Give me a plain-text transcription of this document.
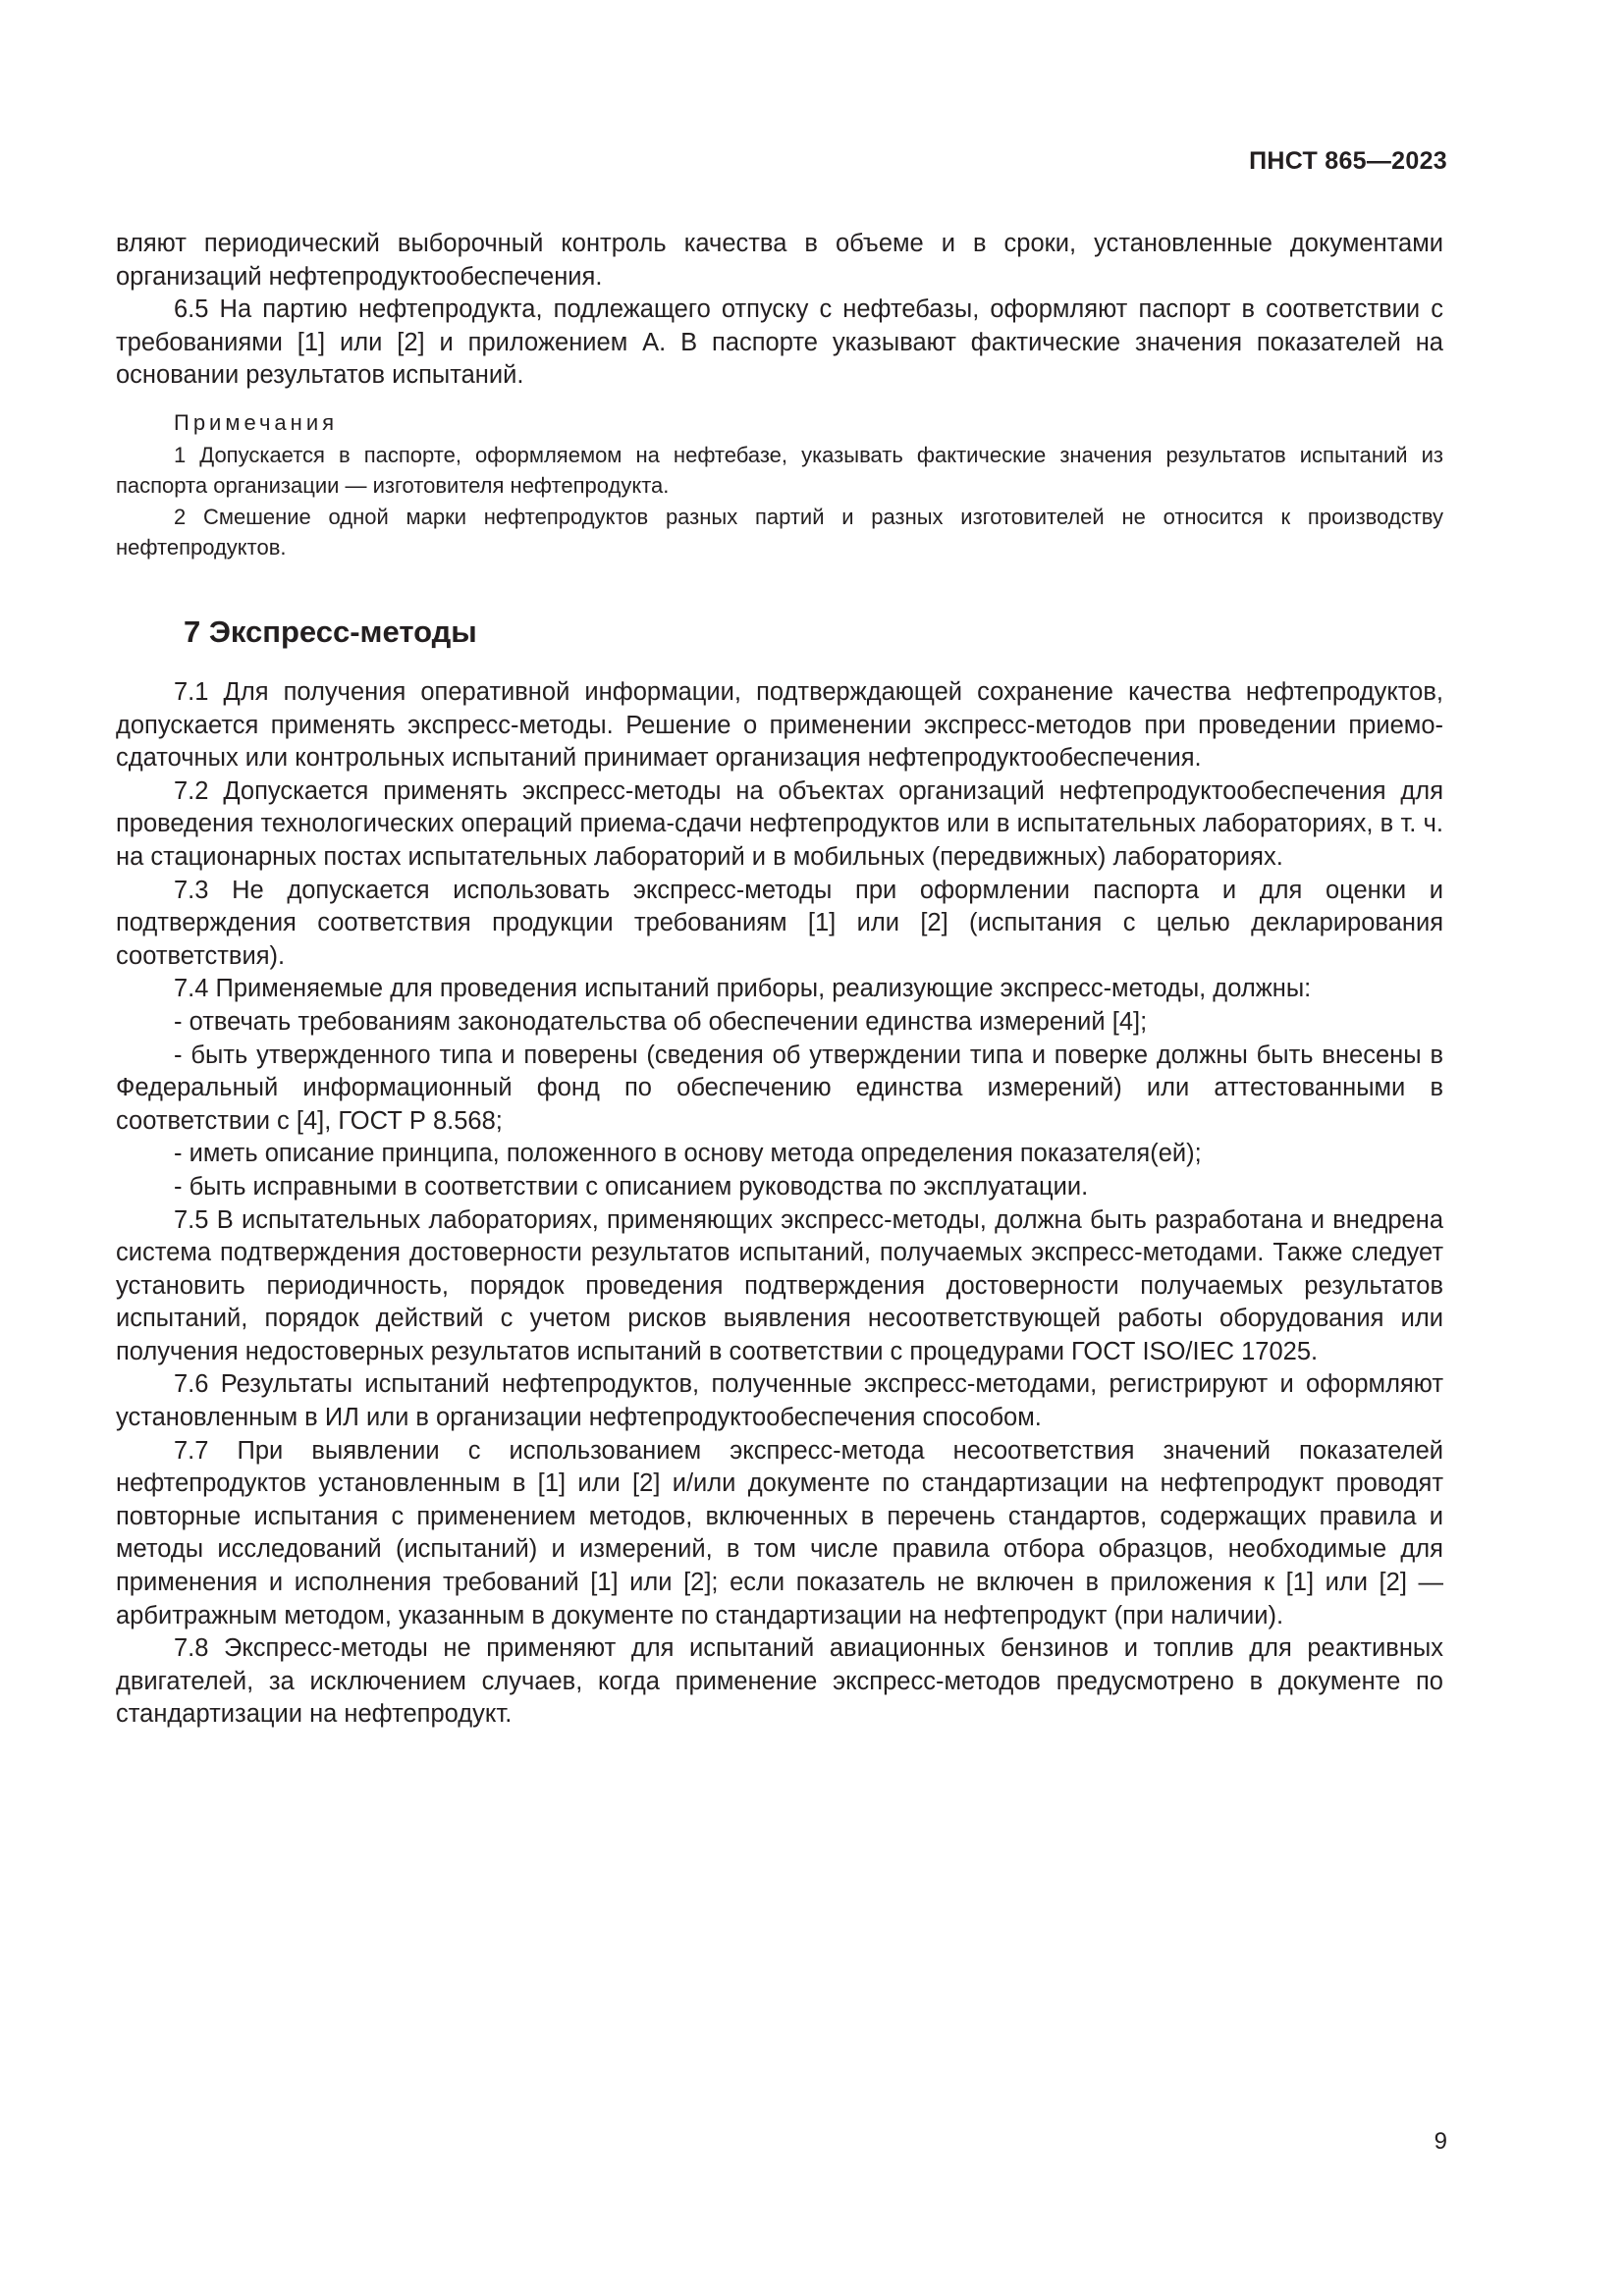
ПНСТ 865—2023

вляют периодический выборочный контроль качества в объеме и в сроки, установленные документами организаций нефтепродуктообеспечения.

6.5 На партию нефтепродукта, подлежащего отпуску с нефтебазы, оформляют паспорт в соответствии с требованиями [1] или [2] и приложением А. В паспорте указывают фактические значения показателей на основании результатов испытаний.

Примечания

1 Допускается в паспорте, оформляемом на нефтебазе, указывать фактические значения результатов испытаний из паспорта организации — изготовителя нефтепродукта.

2 Смешение одной марки нефтепродуктов разных партий и разных изготовителей не относится к производству нефтепродуктов.

7 Экспресс-методы

7.1 Для получения оперативной информации, подтверждающей сохранение качества нефтепродуктов, допускается применять экспресс-методы. Решение о применении экспресс-методов при проведении приемо-сдаточных или контрольных испытаний принимает организация нефтепродуктообеспечения.

7.2 Допускается применять экспресс-методы на объектах организаций нефтепродуктообеспечения для проведения технологических операций приема-сдачи нефтепродуктов или в испытательных лабораториях, в т. ч. на стационарных постах испытательных лабораторий и в мобильных (передвижных) лабораториях.

7.3 Не допускается использовать экспресс-методы при оформлении паспорта и для оценки и подтверждения соответствия продукции требованиям [1] или [2] (испытания с целью декларирования соответствия).

7.4 Применяемые для проведения испытаний приборы, реализующие экспресс-методы, должны:

- отвечать требованиям законодательства об обеспечении единства измерений [4];

- быть утвержденного типа и поверены (сведения об утверждении типа и поверке должны быть внесены в Федеральный информационный фонд по обеспечению единства измерений) или аттестованными в соответствии с [4], ГОСТ Р 8.568;

- иметь описание принципа, положенного в основу метода определения показателя(ей);

- быть исправными в соответствии с описанием руководства по эксплуатации.

7.5 В испытательных лабораториях, применяющих экспресс-методы, должна быть разработана и внедрена система подтверждения достоверности результатов испытаний, получаемых экспресс-методами. Также следует установить периодичность, порядок проведения подтверждения достоверности получаемых результатов испытаний, порядок действий с учетом рисков выявления несоответствующей работы оборудования или получения недостоверных результатов испытаний в соответствии с процедурами ГОСТ ISO/IEC 17025.

7.6 Результаты испытаний нефтепродуктов, полученные экспресс-методами, регистрируют и оформляют установленным в ИЛ или в организации нефтепродуктообеспечения способом.

7.7 При выявлении с использованием экспресс-метода несоответствия значений показателей нефтепродуктов установленным в [1] или [2] и/или документе по стандартизации на нефтепродукт проводят повторные испытания с применением методов, включенных в перечень стандартов, содержащих правила и методы исследований (испытаний) и измерений, в том числе правила отбора образцов, необходимые для применения и исполнения требований [1] или [2]; если показатель не включен в приложения к [1] или [2] — арбитражным методом, указанным в документе по стандартизации на нефтепродукт (при наличии).

7.8 Экспресс-методы не применяют для испытаний авиационных бензинов и топлив для реактивных двигателей, за исключением случаев, когда применение экспресс-методов предусмотрено в документе по стандартизации на нефтепродукт.

9
